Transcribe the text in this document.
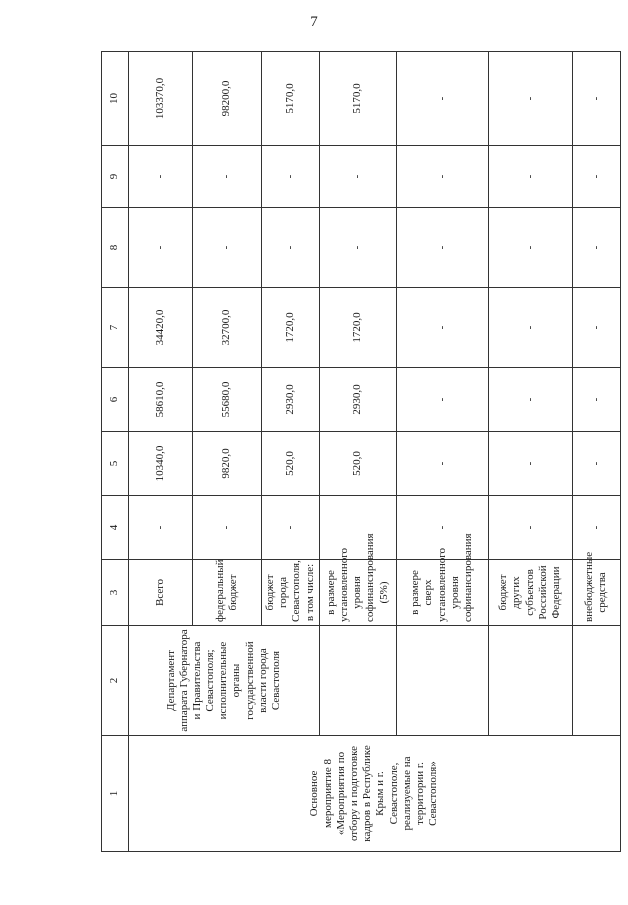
7
1	2	3	4	5	6	7	8	9	10
Основное мероприятие 8 «Мероприятия по отбору и подготовке кадров в Республике Крым и г. Севастополе, реализуемые на территории г. Севастополя»	Департамент аппарата Губернатора и Правительства Севастополя; исполнительные органы государственной власти города Севастополя	Всего	-	10340,0	58610,0	34420,0	-	-	103370,0
		федеральный бюджет	-	9820,0	55680,0	32700,0	-	-	98200,0
		бюджет города Севастополя, в том числе:	-	520,0	2930,0	1720,0	-	-	5170,0
		в размере установленного уровня софинансирования (5%)		520,0	2930,0	1720,0	-	-	5170,0
		в размере сверх установленного уровня софинансирования	-	-	-	-	-	-	-
		бюджет других субъектов Российской Федерации	-	-	-	-	-	-	-
		внебюджетные средства	-	-	-	-	-	-	-
